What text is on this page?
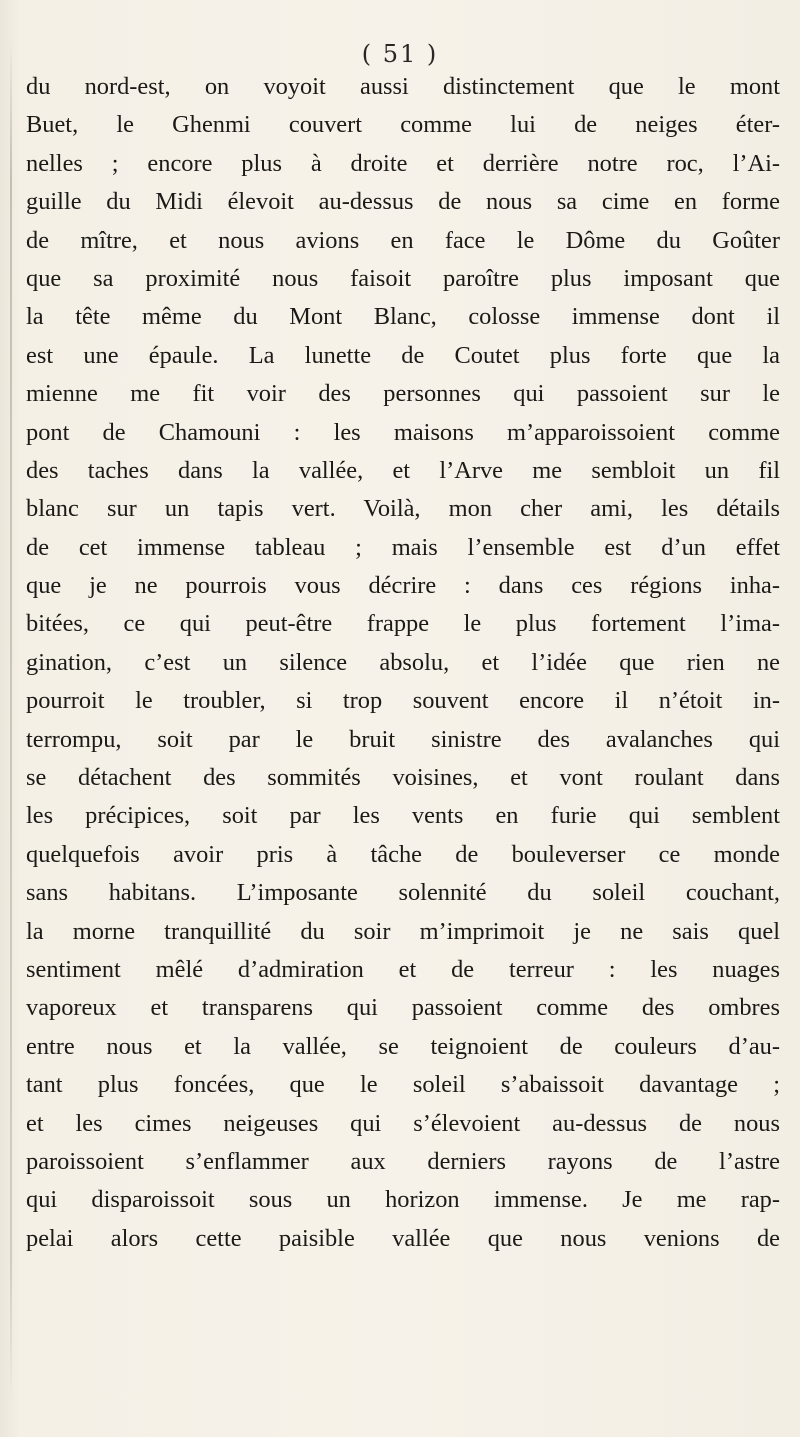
( 51 )
du nord-est, on voyoit aussi distinctement que le mont
Buet, le Ghenmi couvert comme lui de neiges éter-
nelles ; encore plus à droite et derrière notre roc, l’Ai-
guille du Midi élevoit au-dessus de nous sa cime en forme
de mître, et nous avions en face le Dôme du Goûter
que sa proximité nous faisoit paroître plus imposant que
la tête même du Mont Blanc, colosse immense dont il
est une épaule. La lunette de Coutet plus forte que la
mienne me fit voir des personnes qui passoient sur le
pont de Chamouni : les maisons m’apparoissoient comme
des taches dans la vallée, et l’Arve me sembloit un fil
blanc sur un tapis vert. Voilà, mon cher ami, les détails
de cet immense tableau ; mais l’ensemble est d’un effet
que je ne pourrois vous décrire : dans ces régions inha-
bitées, ce qui peut-être frappe le plus fortement l’ima-
gination, c’est un silence absolu, et l’idée que rien ne
pourroit le troubler, si trop souvent encore il n’étoit in-
terrompu, soit par le bruit sinistre des avalanches qui
se détachent des sommités voisines, et vont roulant dans
les précipices, soit par les vents en furie qui semblent
quelquefois avoir pris à tâche de bouleverser ce monde
sans habitans. L’imposante solennité du soleil couchant,
la morne tranquillité du soir m’imprimoit je ne sais quel
sentiment mêlé d’admiration et de terreur : les nuages
vaporeux et transparens qui passoient comme des ombres
entre nous et la vallée, se teignoient de couleurs d’au-
tant plus foncées, que le soleil s’abaissoit davantage ;
et les cimes neigeuses qui s’élevoient au-dessus de nous
paroissoient s’enflammer aux derniers rayons de l’astre
qui disparoissoit sous un horizon immense. Je me rap-
pelai alors cette paisible vallée que nous venions de
